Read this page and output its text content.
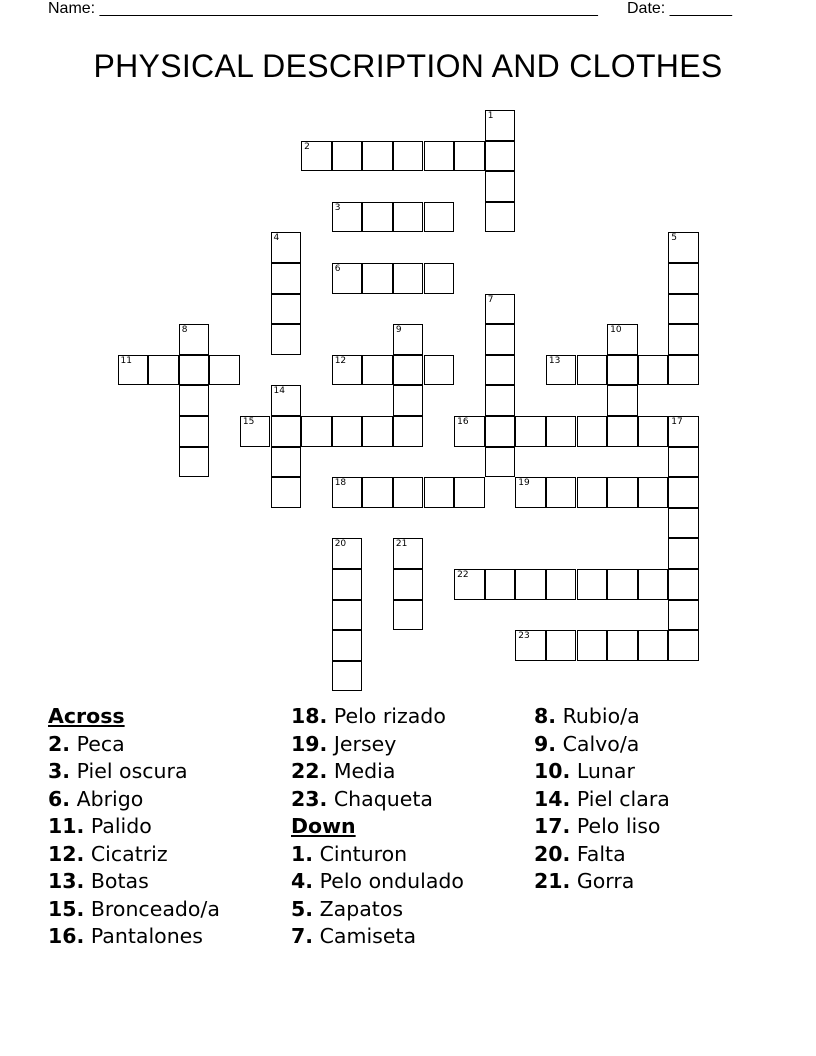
Name: ________________________________________________________ Date: _______
PHYSICAL DESCRIPTION AND CLOTHES
1
2
3
4	5
6
7
8	9	10
11	12	13
14
15	16	17
18	19
20	21
22
23
Across
2. Peca
3. Piel oscura
6. Abrigo
11. Palido
12. Cicatriz
13. Botas
15. Bronceado/a
16. Pantalones
18. Pelo rizado
19. Jersey
22. Media
23. Chaqueta
Down
1. Cinturon
4. Pelo ondulado
5. Zapatos
7. Camiseta
8. Rubio/a
9. Calvo/a
10. Lunar
14. Piel clara
17. Pelo liso
20. Falta
21. Gorra
